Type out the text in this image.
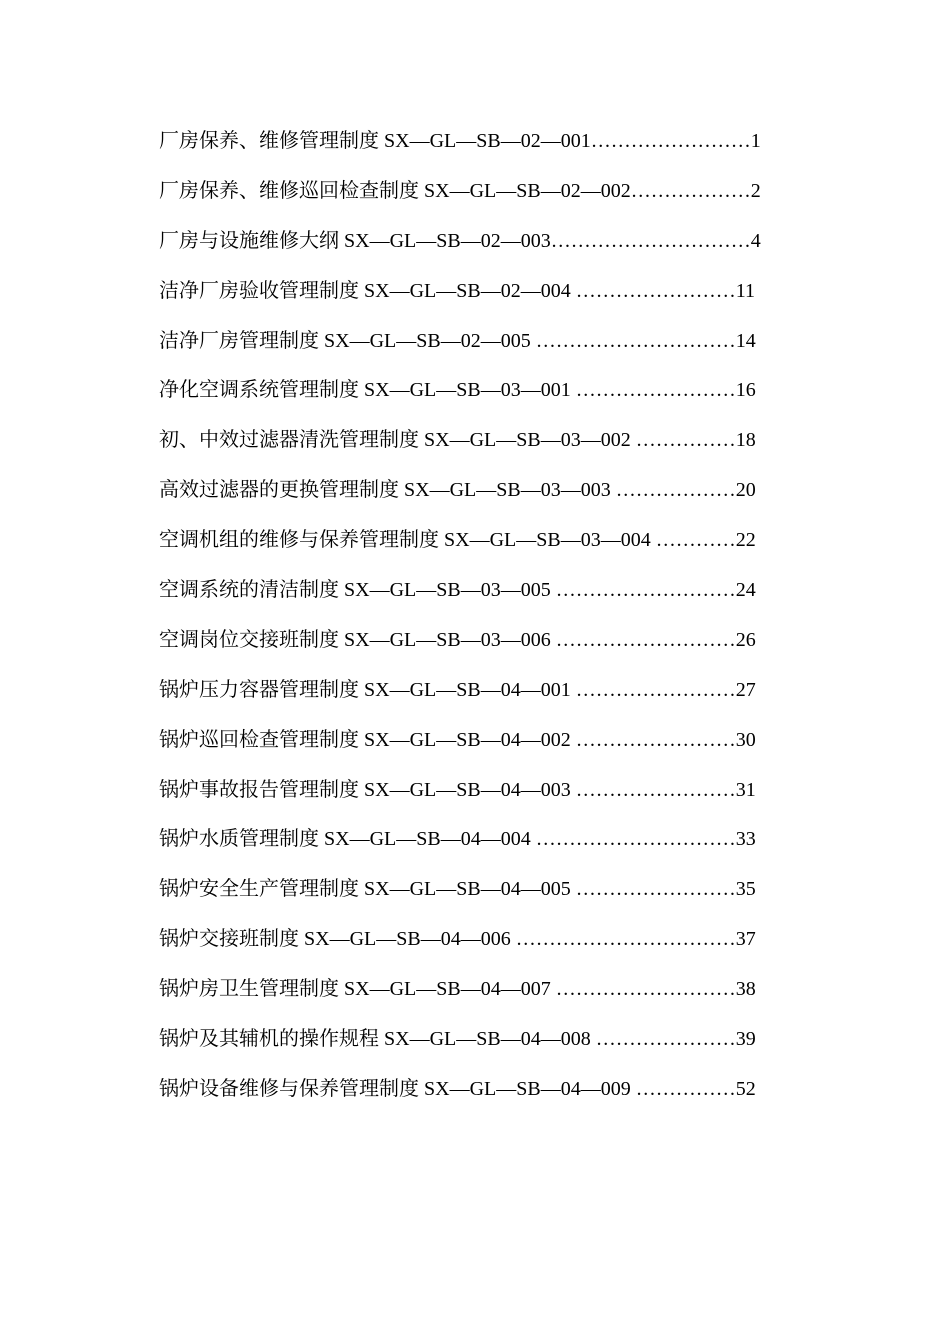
厂房保养、维修管理制度 SX—GL—SB—02—001……………………1
厂房保养、维修巡回检查制度 SX—GL—SB—02—002………………2
厂房与设施维修大纲 SX—GL—SB—02—003…………………………4
洁净厂房验收管理制度 SX—GL—SB—02—004 ……………………11
洁净厂房管理制度 SX—GL—SB—02—005 …………………………14
净化空调系统管理制度 SX—GL—SB—03—001 ……………………16
初、中效过滤器清洗管理制度 SX—GL—SB—03—002 ……………18
高效过滤器的更换管理制度 SX—GL—SB—03—003 ………………20
空调机组的维修与保养管理制度 SX—GL—SB—03—004 …………22
空调系统的清洁制度 SX—GL—SB—03—005 ………………………24
空调岗位交接班制度 SX—GL—SB—03—006 ………………………26
锅炉压力容器管理制度 SX—GL—SB—04—001 ……………………27
锅炉巡回检查管理制度 SX—GL—SB—04—002 ……………………30
锅炉事故报告管理制度 SX—GL—SB—04—003 ……………………31
锅炉水质管理制度 SX—GL—SB—04—004 …………………………33
锅炉安全生产管理制度 SX—GL—SB—04—005 ……………………35
锅炉交接班制度 SX—GL—SB—04—006 ……………………………37
锅炉房卫生管理制度 SX—GL—SB—04—007 ………………………38
锅炉及其辅机的操作规程 SX—GL—SB—04—008 …………………39
锅炉设备维修与保养管理制度 SX—GL—SB—04—009 ……………52
